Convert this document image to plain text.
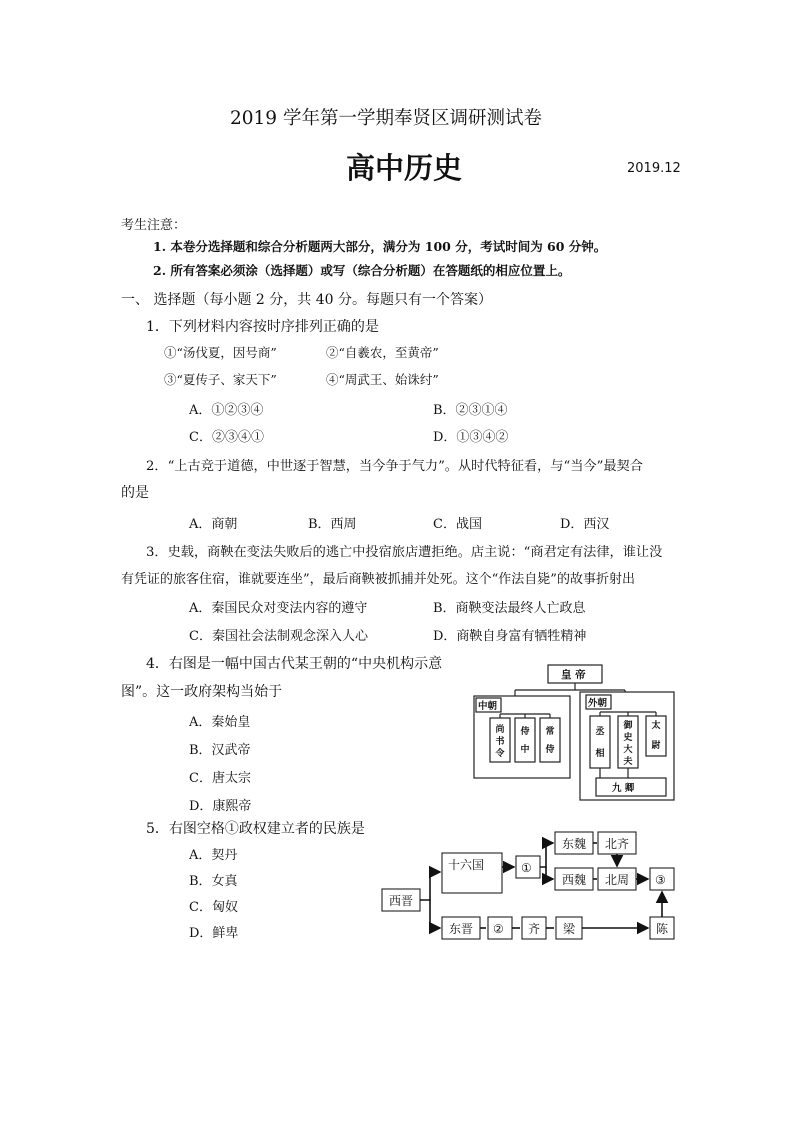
2019 学年第一学期奉贤区调研测试卷
高中历史	2019.12
考生注意：
1. 本卷分选择题和综合分析题两大部分，满分为 100 分，考试时间为 60 分钟。
2. 所有答案必须涂（选择题）或写（综合分析题）在答题纸的相应位置上。
一、 选择题（每小题 2 分，共 40 分。每题只有一个答案）
1．下列材料内容按时序排列正确的是
①“汤伐夏，因号商”	②“自羲农，至黄帝”
③“夏传子、家天下”	④“周武王、始诛纣”
A．①②③④	B．②③①④
C．②③④①	D．①③④②
2．“上古竞于道德，中世逐于智慧，当今争于气力”。从时代特征看，与“当今”最契合
的是
A．商朝	B．西周	C．战国	D．西汉
3．史载，商鞅在变法失败后的逃亡中投宿旅店遭拒绝。店主说：“商君定有法律，谁让没
有凭证的旅客住宿，谁就要连坐”，最后商鞅被抓捕并处死。这个“作法自毙”的故事折射出
A．秦国民众对变法内容的遵守	B．商鞅变法最终人亡政息
C．秦国社会法制观念深入人心	D．商鞅自身富有牺牲精神
4．右图是一幅中国古代某王朝的“中央机构示意
图”。这一政府架构当始于
A．秦始皇
B．汉武帝
C．唐太宗
D．康熙帝
皇 帝
中朝	外朝
尚书令
侍中
常侍
丞相
御史大夫
太尉
九 卿
5．右图空格①政权建立者的民族是
A．契丹
B．女真
C．匈奴
D．鲜卑
西晋
十六国	①
东魏 北齐
西魏 北周 ③
东晋 ② 齐 梁	陈
